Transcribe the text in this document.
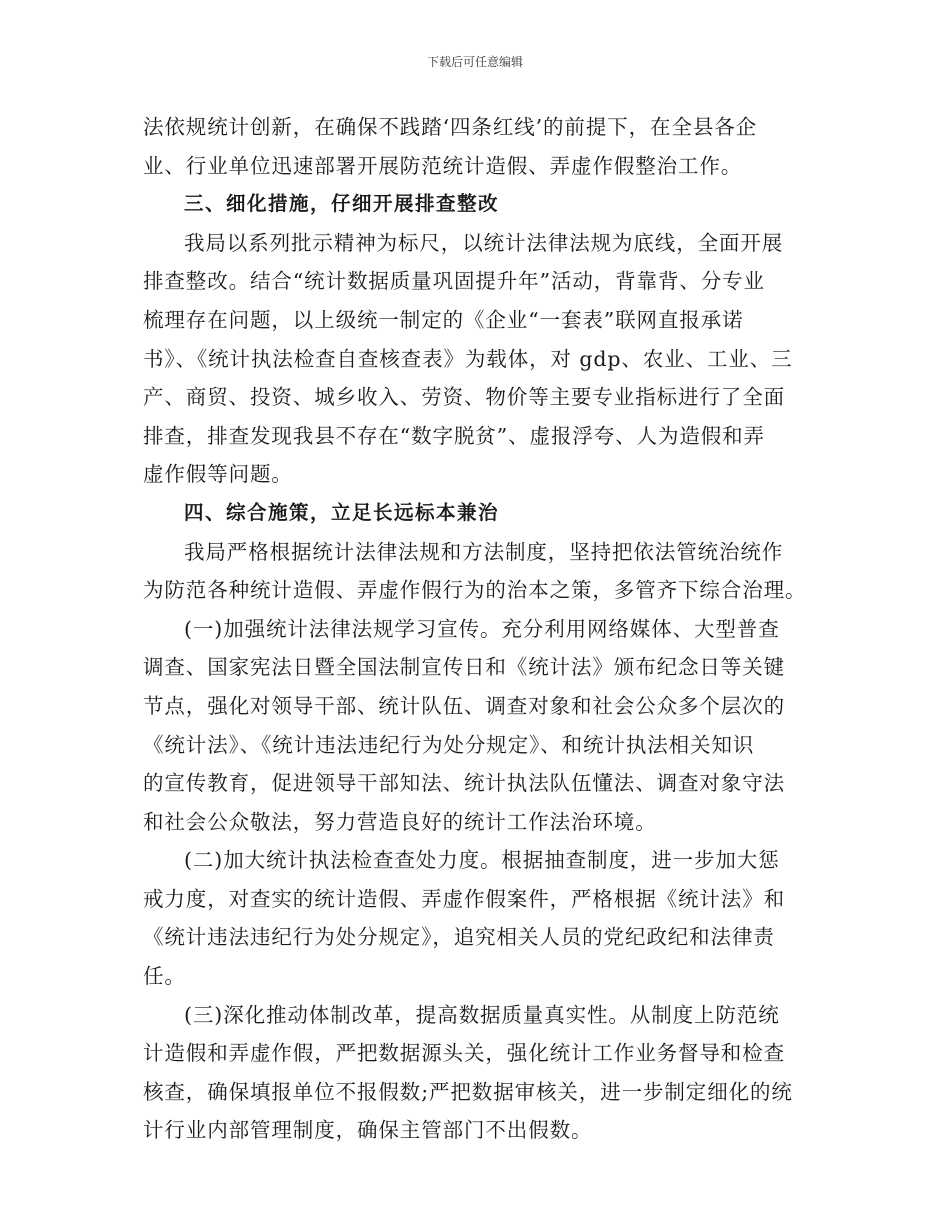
下载后可任意编辑
法依规统计创新，在确保不践踏‘四条红线’的前提下，在全县各企
业、行业单位迅速部署开展防范统计造假、弄虚作假整治工作。
三、细化措施，仔细开展排查整改
我局以系列批示精神为标尺，以统计法律法规为底线，全面开展
排查整改。结合“统计数据质量巩固提升年”活动，背靠背、分专业
梳理存在问题，以上级统一制定的《企业“一套表”联网直报承诺
书》、《统计执法检查自查核查表》为载体，对 gdp、农业、工业、三
产、商贸、投资、城乡收入、劳资、物价等主要专业指标进行了全面
排查，排查发现我县不存在“数字脱贫”、虚报浮夸、人为造假和弄
虚作假等问题。
四、综合施策，立足长远标本兼治
我局严格根据统计法律法规和方法制度，坚持把依法管统治统作
为防范各种统计造假、弄虚作假行为的治本之策，多管齐下综合治理。
(一)加强统计法律法规学习宣传。充分利用网络媒体、大型普查
调查、国家宪法日暨全国法制宣传日和《统计法》颁布纪念日等关键
节点，强化对领导干部、统计队伍、调查对象和社会公众多个层次的
《统计法》、《统计违法违纪行为处分规定》、和统计执法相关知识
的宣传教育，促进领导干部知法、统计执法队伍懂法、调查对象守法
和社会公众敬法，努力营造良好的统计工作法治环境。
(二)加大统计执法检查查处力度。根据抽查制度，进一步加大惩
戒力度，对查实的统计造假、弄虚作假案件，严格根据《统计法》和
《统计违法违纪行为处分规定》，追究相关人员的党纪政纪和法律责
任。
(三)深化推动体制改革，提高数据质量真实性。从制度上防范统
计造假和弄虚作假，严把数据源头关，强化统计工作业务督导和检查
核查，确保填报单位不报假数;严把数据审核关，进一步制定细化的统
计行业内部管理制度，确保主管部门不出假数。
